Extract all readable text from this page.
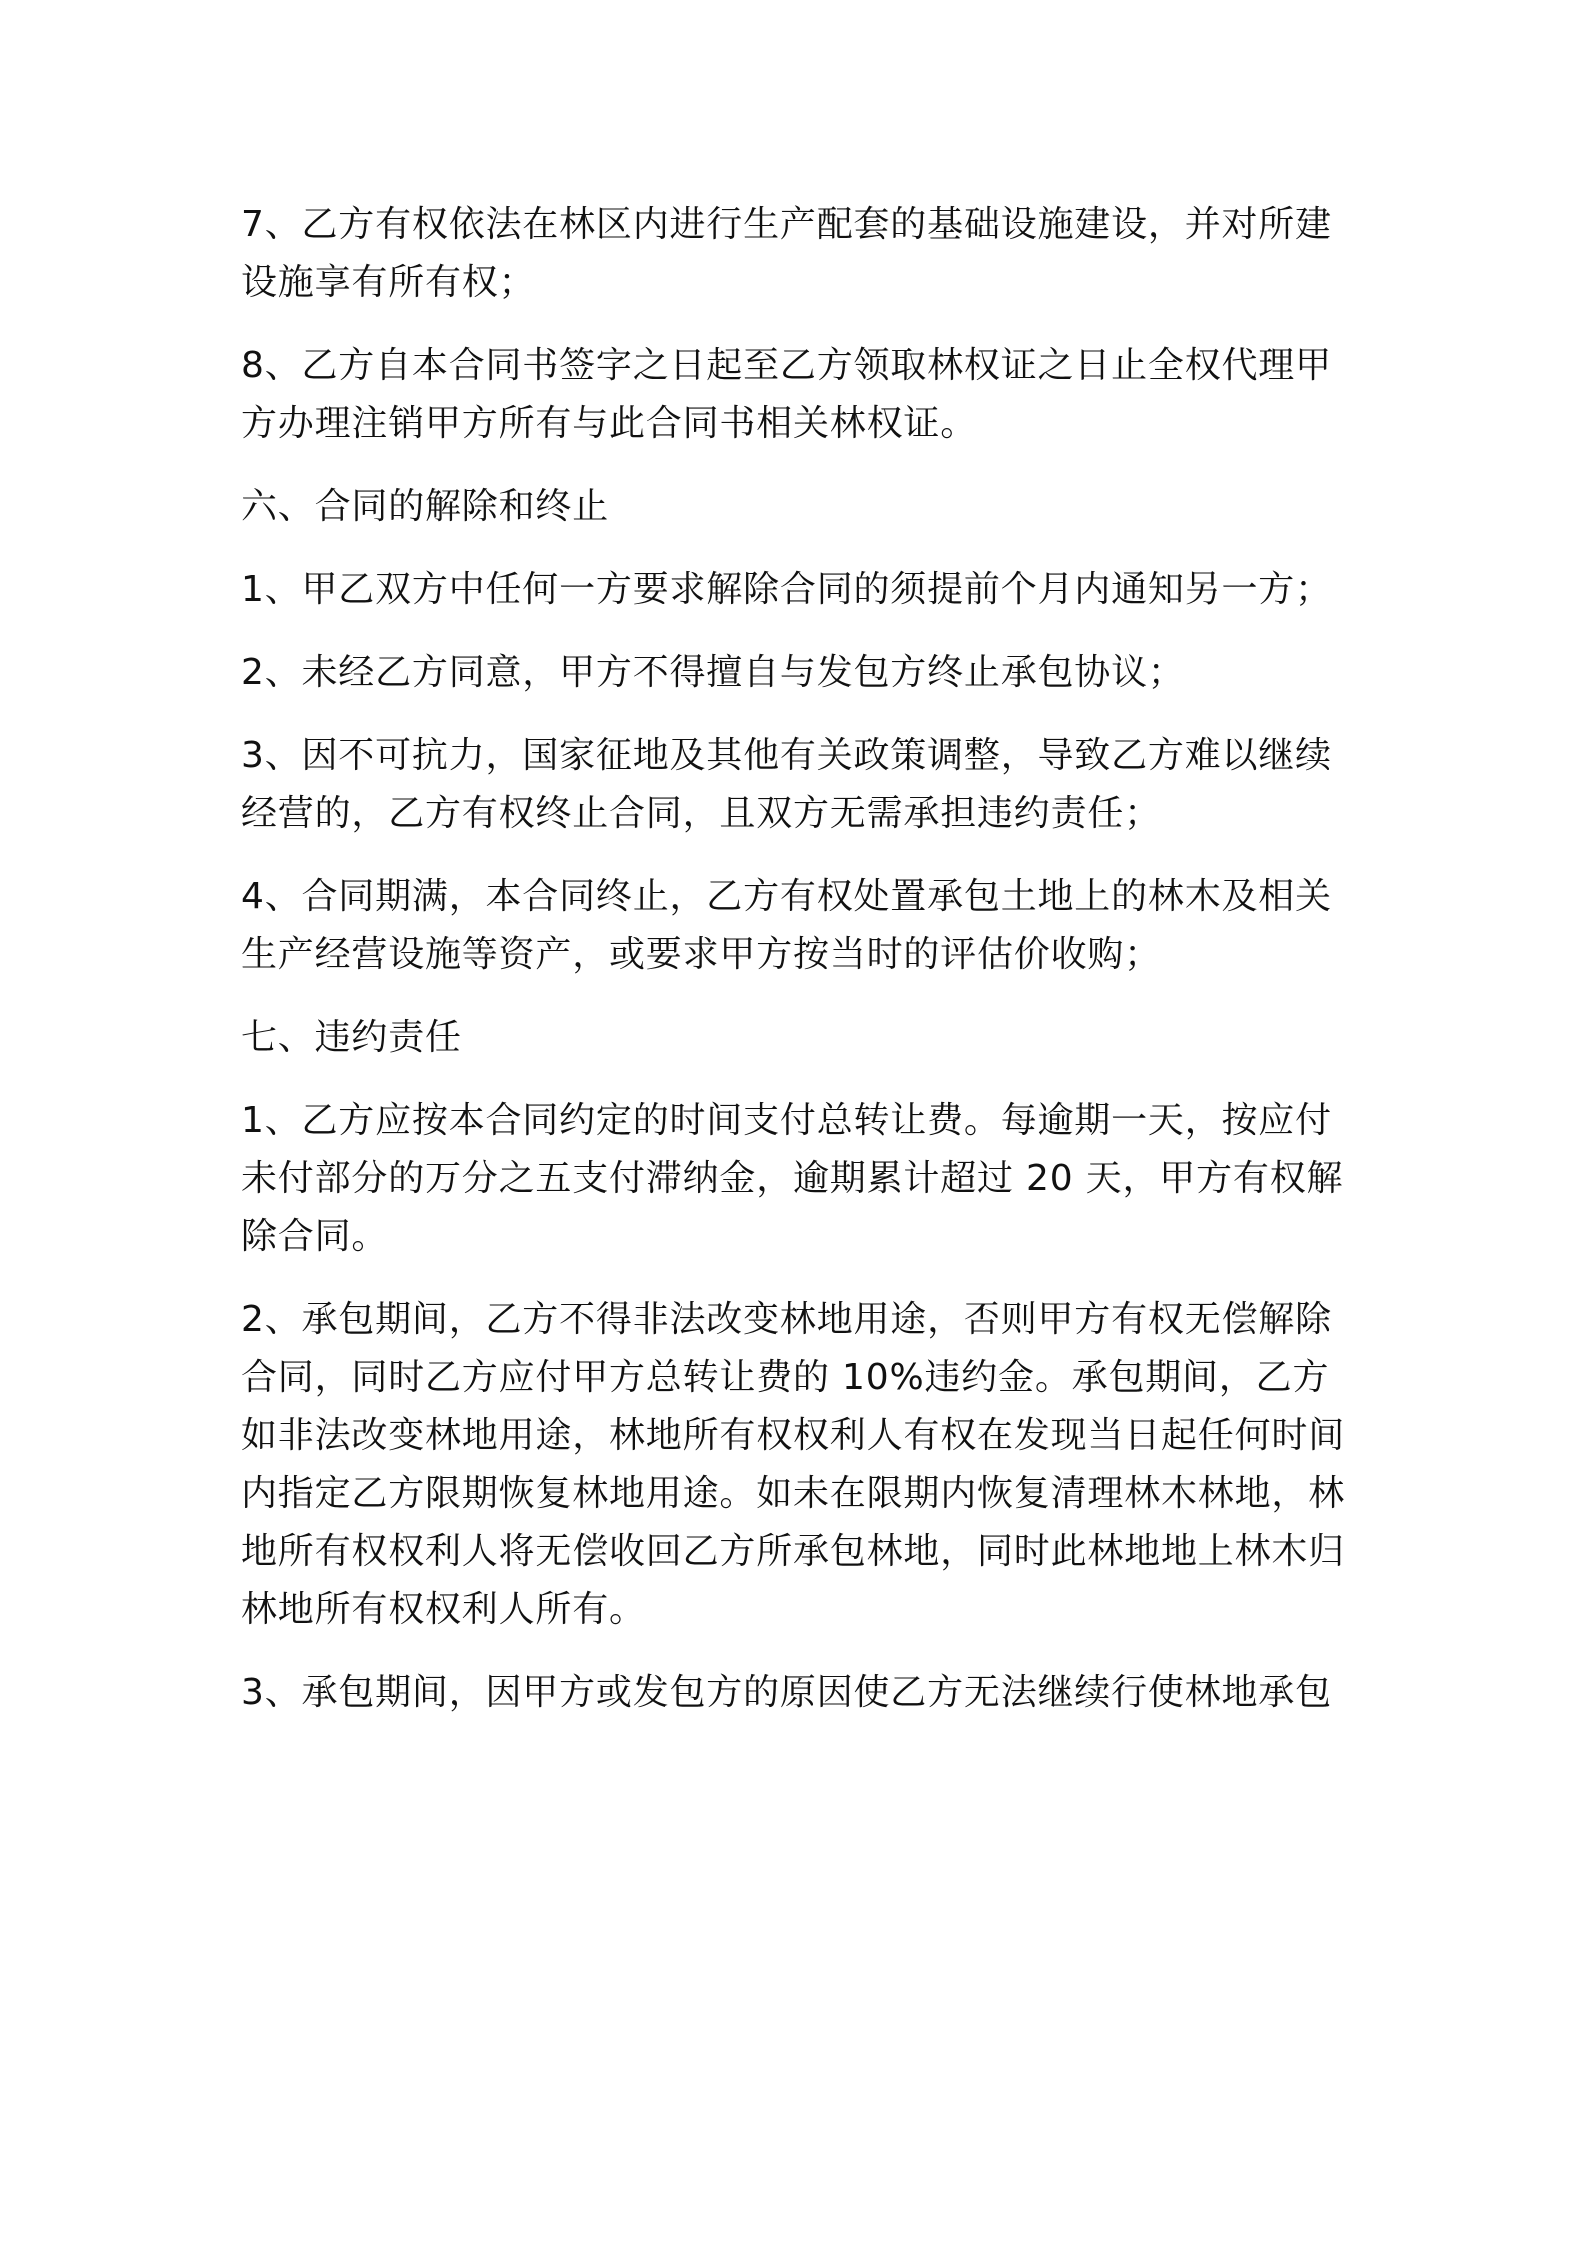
7、乙方有权依法在林区内进行生产配套的基础设施建设，并对所建
设施享有所有权；
8、乙方自本合同书签字之日起至乙方领取林权证之日止全权代理甲
方办理注销甲方所有与此合同书相关林权证。
六、合同的解除和终止
1、甲乙双方中任何一方要求解除合同的须提前个月内通知另一方；
2、未经乙方同意，甲方不得擅自与发包方终止承包协议；
3、因不可抗力，国家征地及其他有关政策调整，导致乙方难以继续
经营的，乙方有权终止合同，且双方无需承担违约责任；
4、合同期满，本合同终止，乙方有权处置承包土地上的林木及相关
生产经营设施等资产，或要求甲方按当时的评估价收购；
七、违约责任
1、乙方应按本合同约定的时间支付总转让费。每逾期一天，按应付
未付部分的万分之五支付滞纳金，逾期累计超过 20 天，甲方有权解
除合同。
2、承包期间，乙方不得非法改变林地用途，否则甲方有权无偿解除
合同，同时乙方应付甲方总转让费的 10%违约金。承包期间，乙方
如非法改变林地用途，林地所有权权利人有权在发现当日起任何时间
内指定乙方限期恢复林地用途。如未在限期内恢复清理林木林地，林
地所有权权利人将无偿收回乙方所承包林地，同时此林地地上林木归
林地所有权权利人所有。
3、承包期间，因甲方或发包方的原因使乙方无法继续行使林地承包
